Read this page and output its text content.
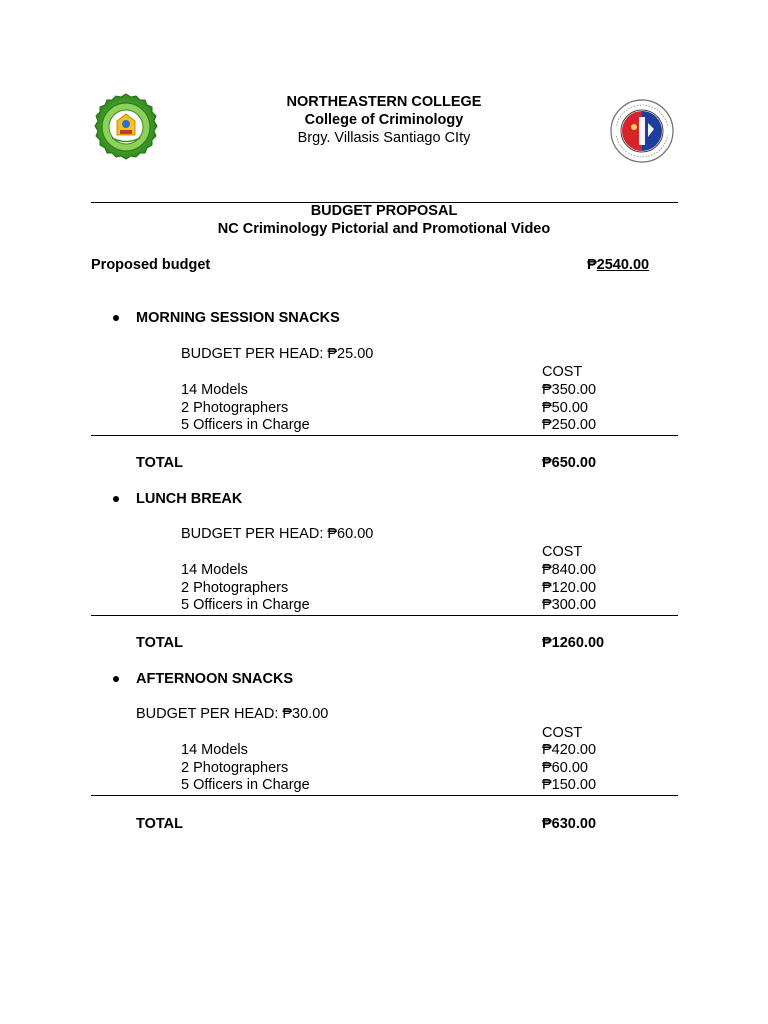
NORTHEASTERN COLLEGE
College of Criminology
Brgy. Villasis Santiago CIty
BUDGET PROPOSAL
NC Criminology Pictorial and Promotional Video
Proposed budget	₱2540.00
MORNING SESSION SNACKS
BUDGET PER HEAD: ₱25.00
COST
14 Models	₱350.00
2 Photographers	₱50.00
5 Officers in Charge	₱250.00
TOTAL	₱650.00
LUNCH BREAK
BUDGET PER HEAD: ₱60.00
COST
14 Models	₱840.00
2 Photographers	₱120.00
5 Officers in Charge	₱300.00
TOTAL	₱1260.00
AFTERNOON SNACKS
BUDGET PER HEAD: ₱30.00
COST
14 Models	₱420.00
2 Photographers	₱60.00
5 Officers in Charge	₱150.00
TOTAL	₱630.00
